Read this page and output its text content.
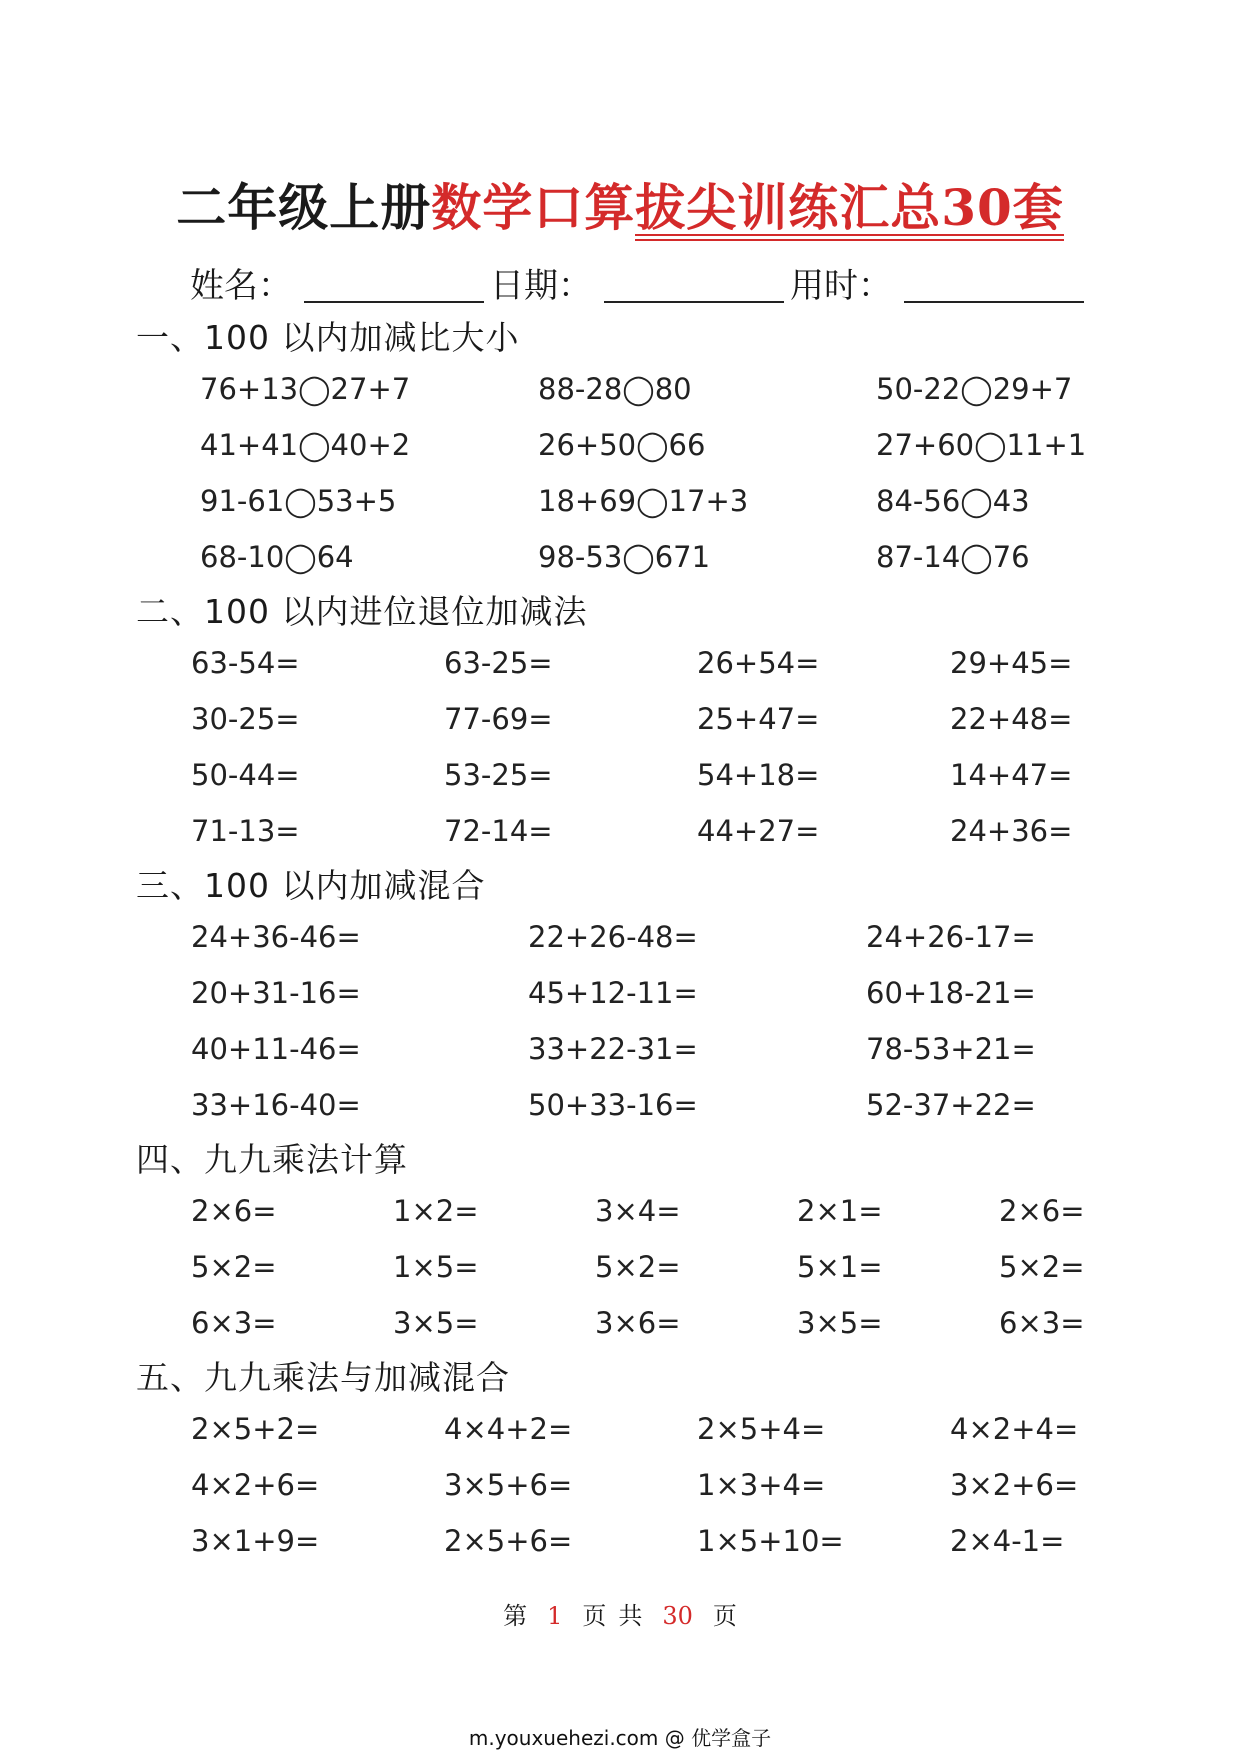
二年级上册数学口算拔尖训练汇总30套
姓名：	日期：	用时：
一、100 以内加减比大小
76+13◯27+7	88-28◯80	50-22◯29+7
41+41◯40+2	26+50◯66	27+60◯11+1
91-61◯53+5	18+69◯17+3	84-56◯43
68-10◯64	98-53◯671	87-14◯76
二、100 以内进位退位加减法
63-54=	63-25=	26+54=	29+45=
30-25=	77-69=	25+47=	22+48=
50-44=	53-25=	54+18=	14+47=
71-13=	72-14=	44+27=	24+36=
三、100 以内加减混合
24+36-46=	22+26-48=	24+26-17=
20+31-16=	45+12-11=	60+18-21=
40+11-46=	33+22-31=	78-53+21=
33+16-40=	50+33-16=	52-37+22=
四、九九乘法计算
2×6=	1×2=	3×4=	2×1=	2×6=
5×2=	1×5=	5×2=	5×1=	5×2=
6×3=	3×5=	3×6=	3×5=	6×3=
五、九九乘法与加减混合
2×5+2=	4×4+2=	2×5+4=	4×2+4=
4×2+6=	3×5+6=	1×3+4=	3×2+6=
3×1+9=	2×5+6=	1×5+10=	2×4-1=
第 1 页 共 30 页
m.youxuehezi.com @ 优学盒子
